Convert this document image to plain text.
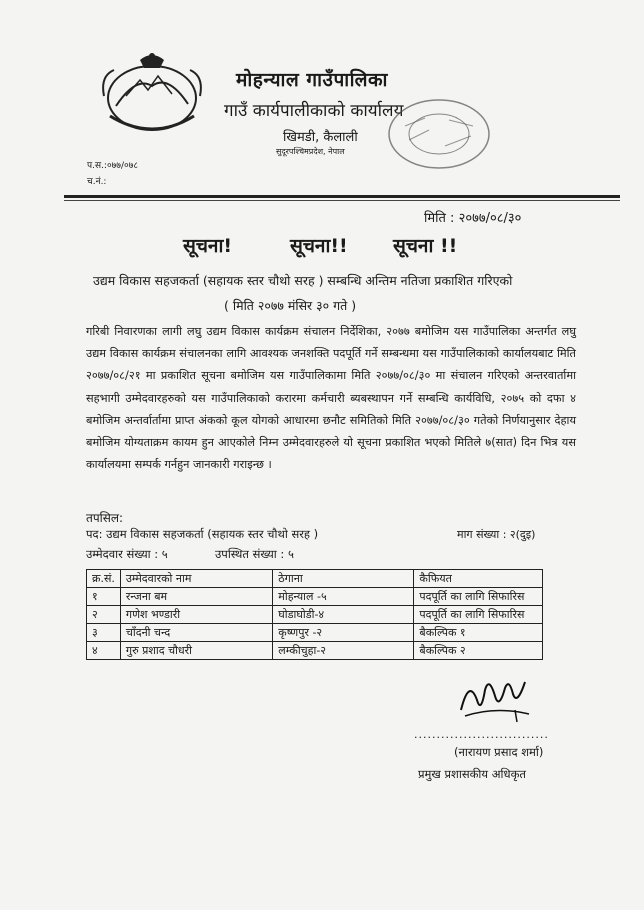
मोहन्याल गाउँपालिका
गाउँ कार्यपालीकाको कार्यालय
खिमडी, कैलाली
सुदूरपश्चिमप्रदेश, नेपाल
प.स.:०७७/०७८
च.नं.:
मिति : २०७७/०८/३०
सूचना!	सूचना!! सूचना !!
उद्यम विकास सहजकर्ता (सहायक स्तर चौथो सरह ) सम्बन्धि अन्तिम नतिजा प्रकाशित गरिएको
( मिति २०७७ मंसिर ३० गते )

गरिबी निवारणका लागी लघु उद्यम विकास कार्यक्रम संचालन निर्देशिका, २०७७ बमोजिम यस गाउँपालिका अन्तर्गत लघु उद्यम विकास कार्यक्रम संचालनका लागि आवश्यक जनशक्ति पदपूर्ति गर्ने सम्बन्धमा यस गाउँपालिकाको कार्यालयबाट मिति २०७७/०८/२१ मा प्रकाशित सूचना बमोजिम यस गाउँपालिकामा मिति २०७७/०८/३० मा संचालन गरिएको अन्तरवार्तामा सहभागी उम्मेदवारहरुको यस गाउँपालिकाको करारमा कर्मचारी ब्यबस्थापन गर्ने सम्बन्धि कार्यविधि, २०७५ को दफा ४ बमोजिम अन्तर्वार्तामा प्राप्त अंकको कूल योगको आधारमा छनौट समितिको मिति २०७७/०८/३० गतेको निर्णयानुसार देहाय बमोजिम योग्यताक्रम कायम हुन आएकोले निम्न उम्मेदवारहरुले यो सूचना प्रकाशित भएको मितिले ७(सात) दिन भित्र यस कार्यालयमा सम्पर्क गर्नहुन जानकारी गराइन्छ ।

तपसिल:
पद: उद्यम विकास सहजकर्ता (सहायक स्तर चौथो सरह )	माग संख्या : २(दुइ)
उम्मेदवार संख्या : ५	उपस्थित संख्या : ५
क्र.सं.	उम्मेदवारको नाम	ठेगाना	कैफियत
१	रन्जना बम	मोहन्याल -५	पदपूर्ति का लागि सिफारिस
२	गणेश भण्डारी	घोडाघोडी-४	पदपूर्ति का लागि सिफारिस
३	चाँदनी चन्द	कृष्णपुर -२	बैकल्पिक १
४	गुरु प्रशाद चौधरी	लम्कीचुहा-२	बैकल्पिक २
..............................
(नारायण प्रसाद शर्मा)
प्रमुख प्रशासकीय अधिकृत
